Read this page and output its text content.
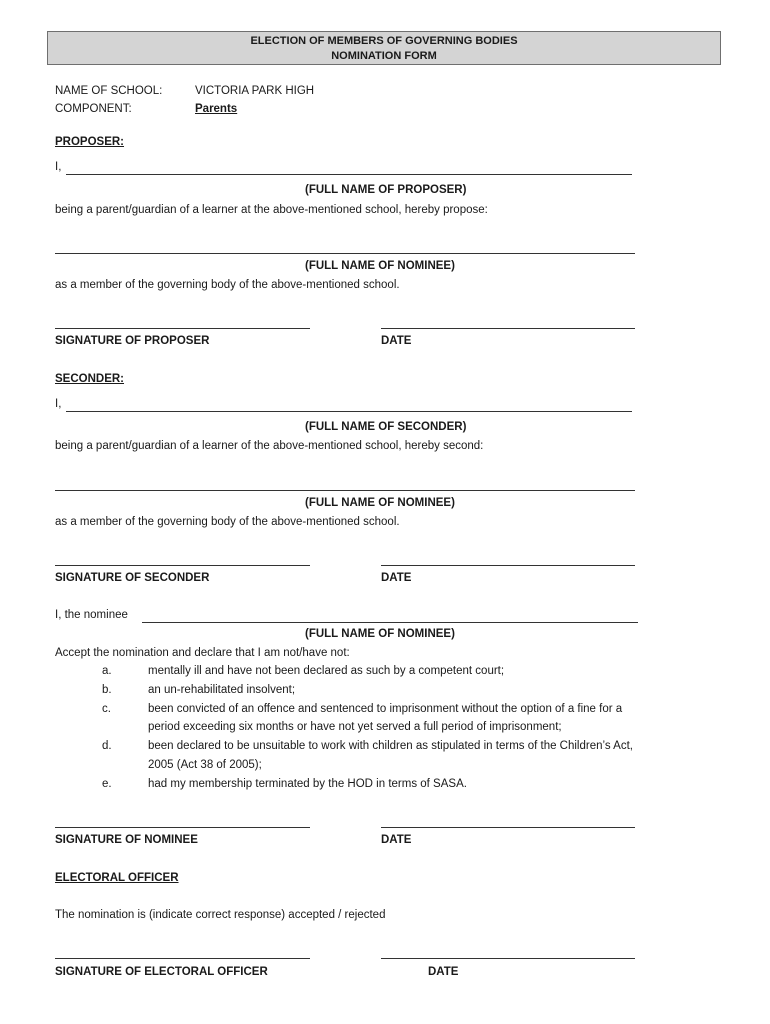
ELECTION OF MEMBERS OF GOVERNING BODIES
NOMINATION FORM
NAME OF SCHOOL:	VICTORIA PARK HIGH
COMPONENT:	Parents
PROPOSER:
I,
(FULL NAME OF PROPOSER)
being a parent/guardian of a learner at the above-mentioned school, hereby propose:
(FULL NAME OF NOMINEE)
as a member of the governing body of the above-mentioned school.
SIGNATURE OF PROPOSER	DATE
SECONDER:
I,
(FULL NAME OF SECONDER)
being a parent/guardian of a learner of the above-mentioned school, hereby second:
(FULL NAME OF NOMINEE)
as a member of the governing body of the above-mentioned school.
SIGNATURE OF SECONDER	DATE
I, the nominee
(FULL NAME OF NOMINEE)
Accept the nomination and declare that I am not/have not:
a.	mentally ill and have not been declared as such by a competent court;
b.	an un-rehabilitated insolvent;
c.	been convicted of an offence and sentenced to imprisonment without the option of a fine for a
period exceeding six months or have not yet served a full period of imprisonment;
d.	been declared to be unsuitable to work with children as stipulated in terms of the Children’s Act,
2005 (Act 38 of 2005);
e.	had my membership terminated by the HOD in terms of SASA.
SIGNATURE OF NOMINEE	DATE
ELECTORAL OFFICER
The nomination is (indicate correct response) accepted / rejected
SIGNATURE OF ELECTORAL OFFICER	DATE
